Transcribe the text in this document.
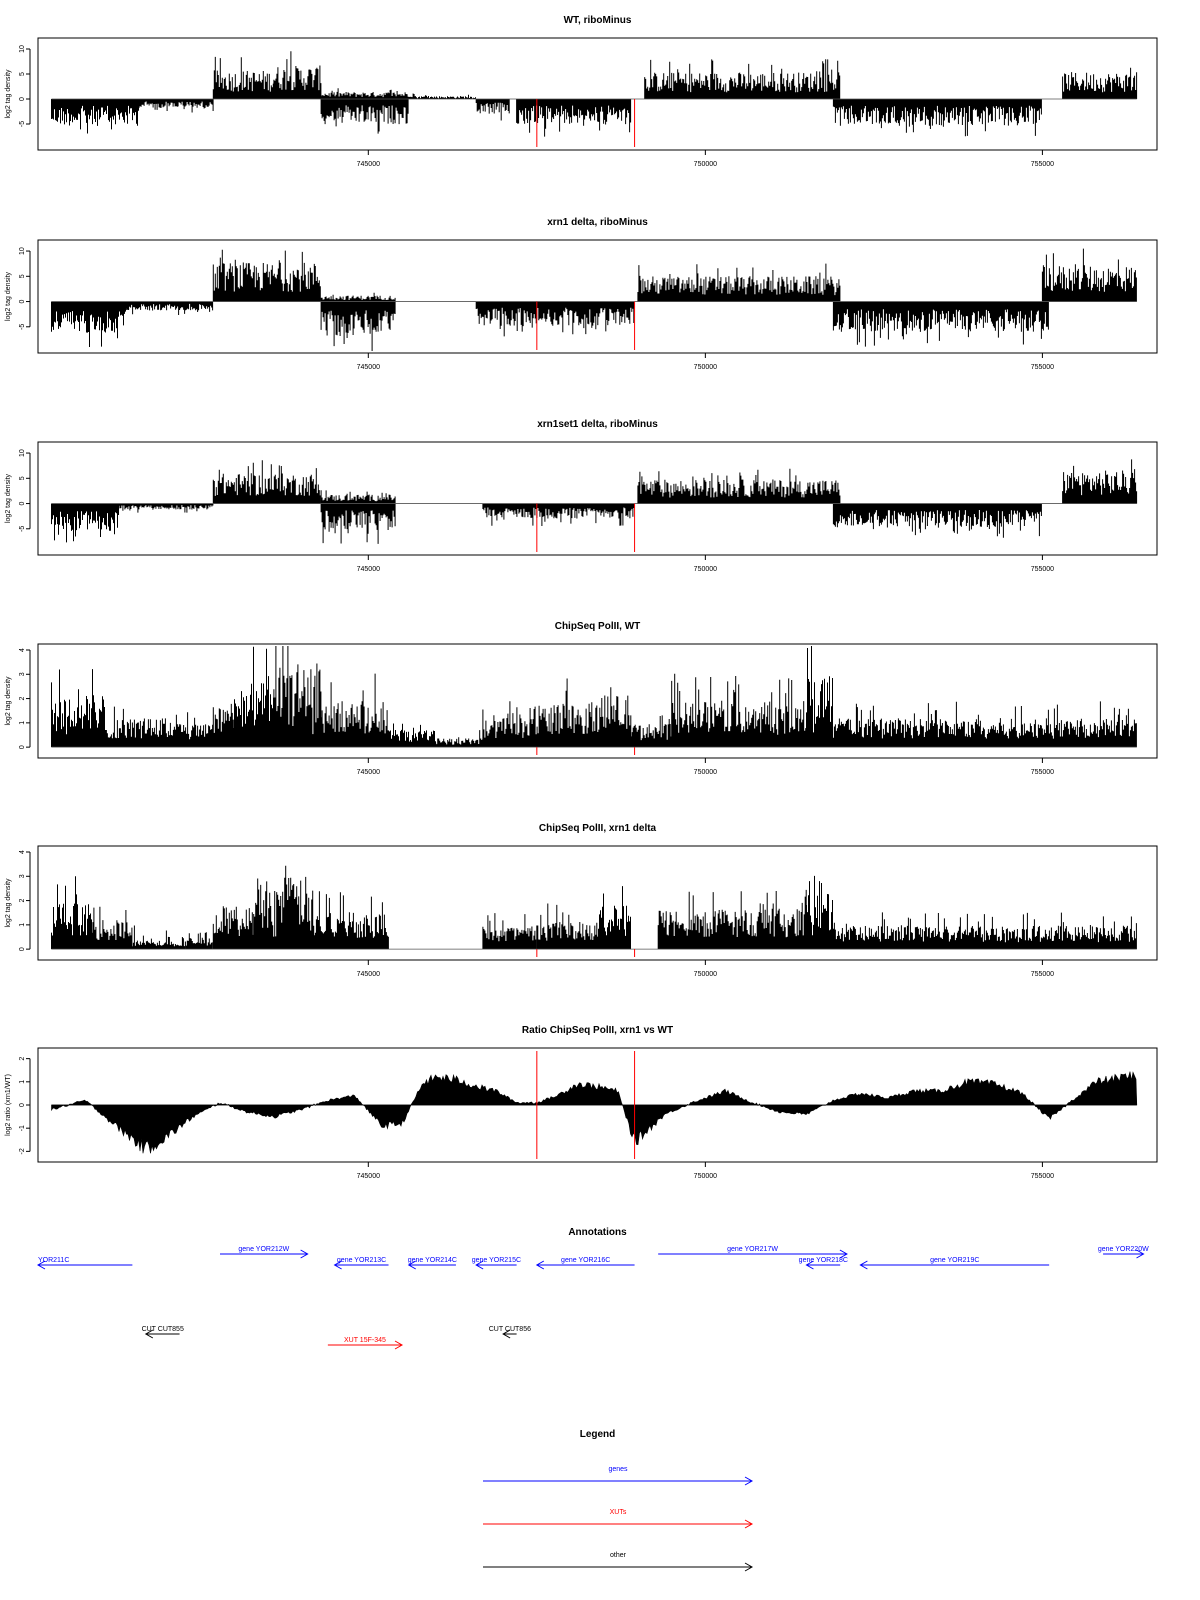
WT, riboMinus
745000	750000	755000
-5
0
5
10
log2 tag density
xrn1 delta, riboMinus
745000	750000	755000
-5
0
5
10
log2 tag density
xrn1set1 delta, riboMinus
745000	750000	755000
-5
0
5
10
log2 tag density
ChipSeq PolII, WT
745000	750000	755000
0
1
2
3
4
log2 tag density
ChipSeq PolII, xrn1 delta
745000	750000	755000
0
1
2
3
4
log2 tag density
Ratio ChipSeq PolII, xrn1 vs WT
745000	750000	755000
-2
-1
0
1
2
log2 ratio (xrn1/WT)
Annotations
YOR211C
gene YOR212W
gene YOR213C	gene YOR214C gene YOR215C	gene YOR216C
gene YOR217W
gene YOR218C	gene YOR219C
gene YOR220W
CUT CUT855
XUT 15F-345
CUT CUT856
Legend
genes
XUTs
other
